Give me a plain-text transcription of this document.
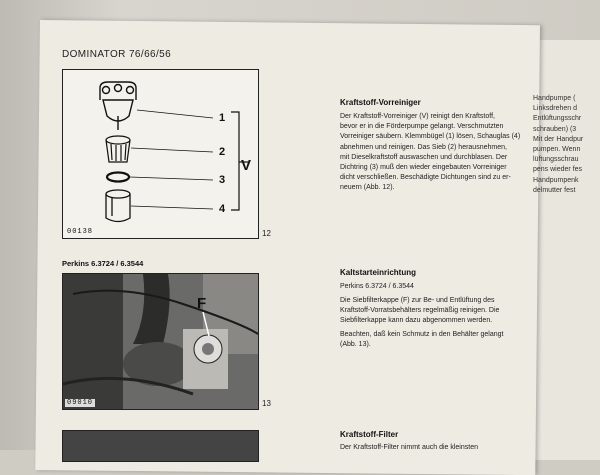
DOMINATOR 76/66/56
1
2
3
4
V
00138	12
Kraftstoff-Vorreiniger
Der Kraftstoff-Vorreiniger (V) reinigt den Kraftstoff,
bevor er in die Förderpumpe gelangt. Verschmutzten
Vorreiniger säubern. Klemmbügel (1) lösen, Schauglas (4)
abnehmen und reinigen. Das Sieb (2) herausnehmen,
mit Dieselkraftstoff auswaschen und durchblasen. Der
Dichtring (3) muß den wieder eingebauten Vorreiniger
dicht verschließen. Beschädigte Dichtungen sind zu er-
neuern (Abb. 12).
Perkins 6.3724 / 6.3544
F
09010	13
Kaltstarteinrichtung
Perkins 6.3724 / 6.3544
Die Siebfilterkappe (F) zur Be- und Entlüftung des
Kraftstoff-Vorratsbehälters regelmäßig reinigen. Die
Siebfilterkappe kann dazu abgenommen werden.
Beachten, daß kein Schmutz in den Behälter gelangt
(Abb. 13).
Kraftstoff-Filter
Der Kraftstoff-Filter nimmt auch die kleinsten
Handpumpe (
Linksdrehen d
Entlüftungsschr
schrauben) (3
Mit der Handpur
pumpen. Wenn
lüftungsschrau
pens wieder fes
Handpumpenk
delmutter fest
